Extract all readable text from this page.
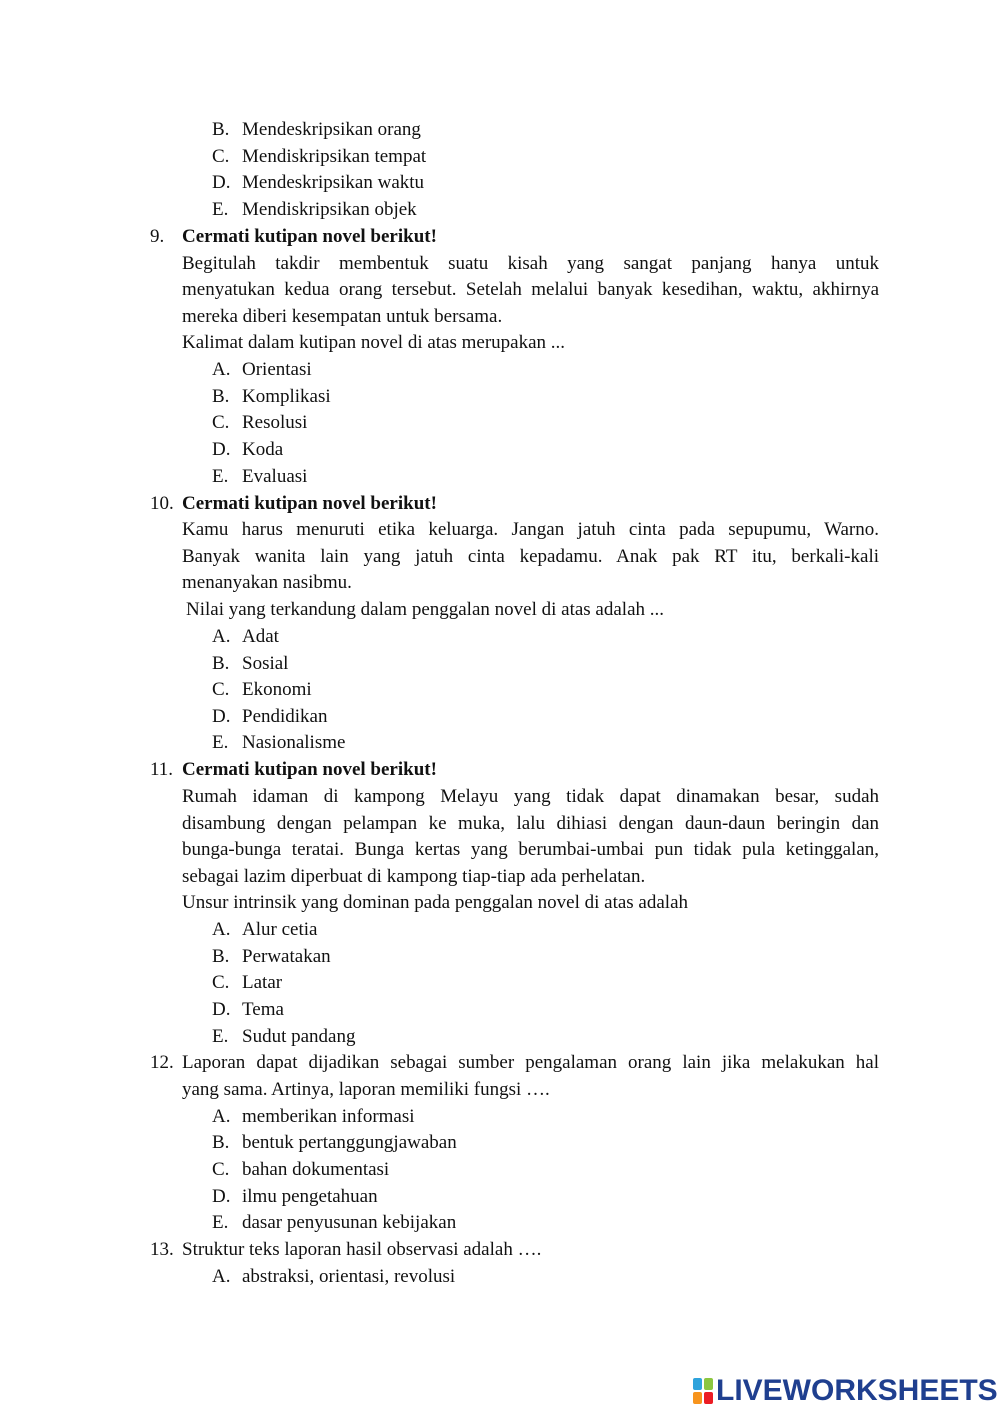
B. Mendeskripsikan orang
C. Mendiskripsikan tempat
D. Mendeskripsikan waktu
E. Mendiskripsikan objek
9. Cermati kutipan novel berikut!
Begitulah takdir membentuk suatu kisah yang sangat panjang hanya untuk
menyatukan kedua orang tersebut. Setelah melalui banyak kesedihan, waktu, akhirnya
mereka diberi kesempatan untuk bersama.
Kalimat dalam kutipan novel di atas merupakan ...
A. Orientasi
B. Komplikasi
C. Resolusi
D. Koda
E. Evaluasi
10. Cermati kutipan novel berikut!
Kamu harus menuruti etika keluarga. Jangan jatuh cinta pada sepupumu, Warno.
Banyak wanita lain yang jatuh cinta kepadamu. Anak pak RT itu, berkali-kali
menanyakan nasibmu.
Nilai yang terkandung dalam penggalan novel di atas adalah ...
A. Adat
B. Sosial
C. Ekonomi
D. Pendidikan
E. Nasionalisme
11. Cermati kutipan novel berikut!
Rumah idaman di kampong Melayu yang tidak dapat dinamakan besar, sudah
disambung dengan pelampan ke muka, lalu dihiasi dengan daun-daun beringin dan
bunga-bunga teratai. Bunga kertas yang berumbai-umbai pun tidak pula ketinggalan,
sebagai lazim diperbuat di kampong tiap-tiap ada perhelatan.
Unsur intrinsik yang dominan pada penggalan novel di atas adalah
A. Alur cetia
B. Perwatakan
C. Latar
D. Tema
E. Sudut pandang
12. Laporan dapat dijadikan sebagai sumber pengalaman orang lain jika melakukan hal
yang sama. Artinya, laporan memiliki fungsi ….
A. memberikan informasi
B. bentuk pertanggungjawaban
C. bahan dokumentasi
D. ilmu pengetahuan
E. dasar penyusunan kebijakan
13. Struktur teks laporan hasil observasi adalah ….
A. abstraksi, orientasi, revolusi
LIVEWORKSHEETS
